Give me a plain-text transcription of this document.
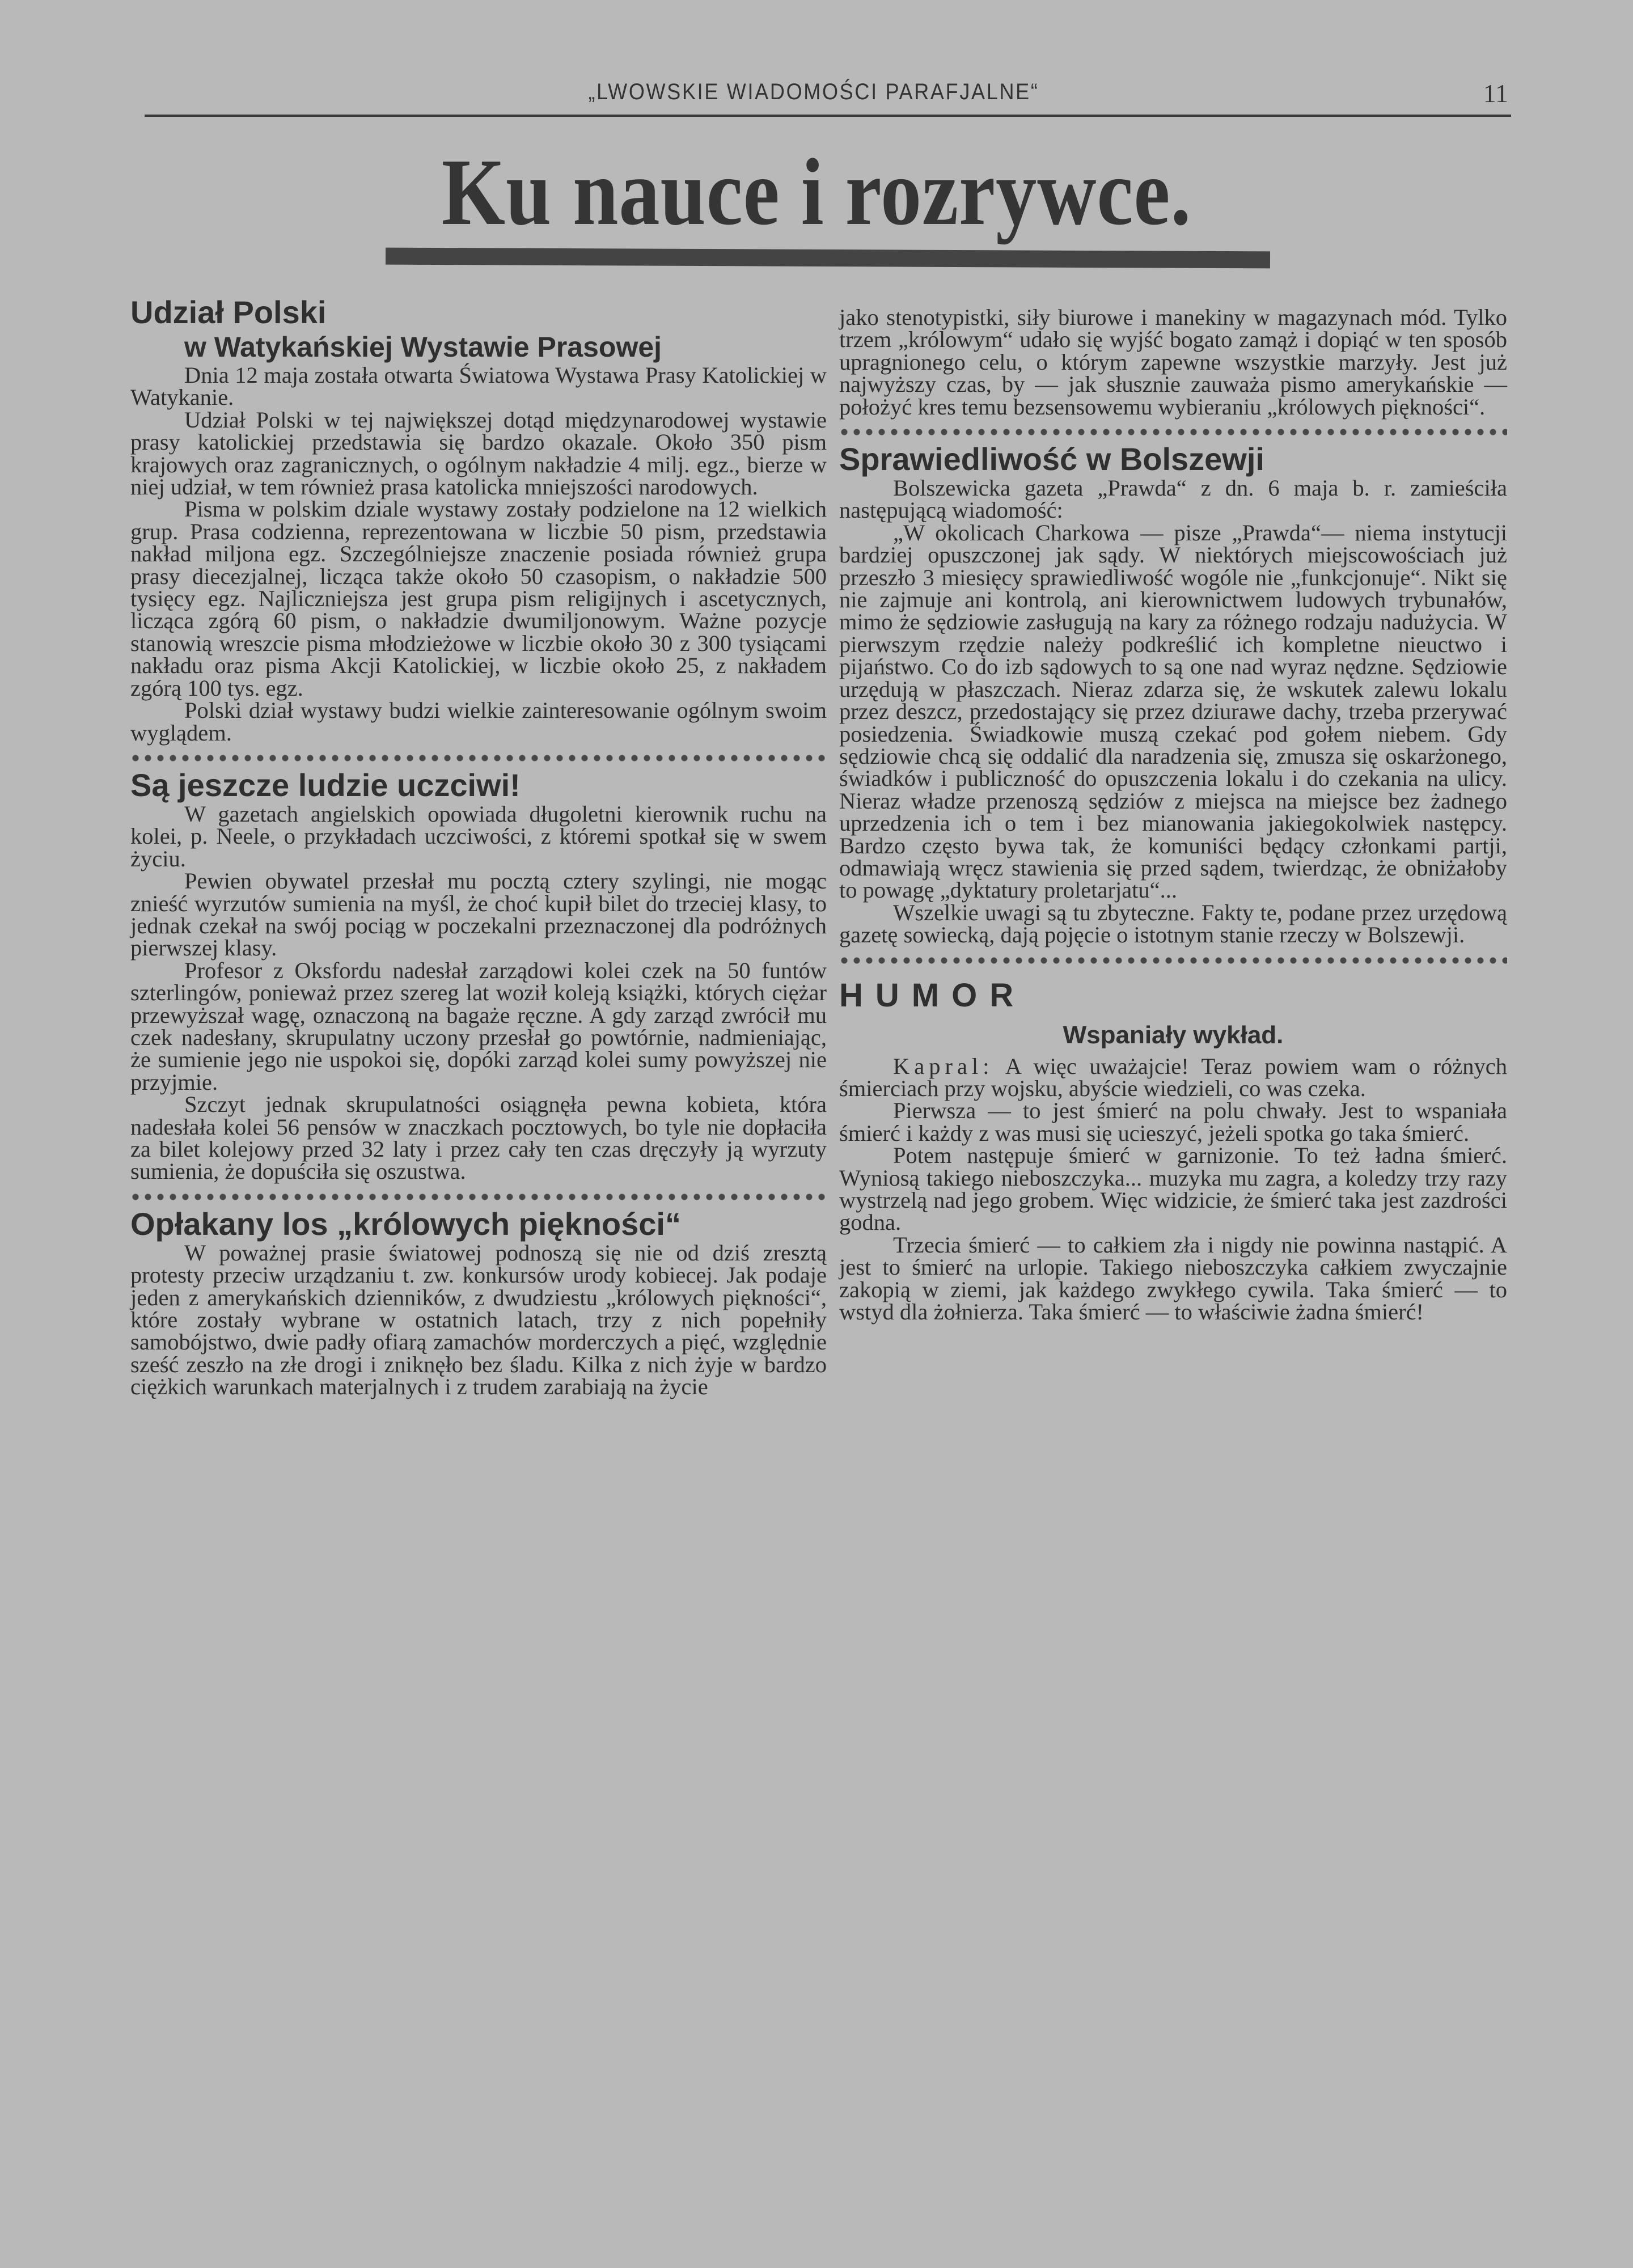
„LWOWSKIE WIADOMOŚCI PARAFJALNE“	11
Ku nauce i rozrywce.
Udział Polski
w Watykańskiej Wystawie Prasowej

Dnia 12 maja została otwarta Światowa Wystawa Prasy Katolickiej w Watykanie.

Udział Polski w tej największej dotąd międzynarodowej wystawie prasy katolickiej przedstawia się bardzo okazale. Około 350 pism krajowych oraz zagranicznych, o ogólnym nakładzie 4 milj. egz., bierze w niej udział, w tem również prasa katolicka mniejszości narodowych.

Pisma w polskim dziale wystawy zostały podzielone na 12 wielkich grup. Prasa codzienna, reprezentowana w liczbie 50 pism, przedstawia nakład miljona egz. Szczególniejsze znaczenie posiada również grupa prasy diecezjalnej, licząca także około 50 czasopism, o nakładzie 500 tysięcy egz. Najliczniejsza jest grupa pism religijnych i ascetycznych, licząca zgórą 60 pism, o nakładzie dwumiljonowym. Ważne pozycje stanowią wreszcie pisma młodzieżowe w liczbie około 30 z 300 tysiącami nakładu oraz pisma Akcji Katolickiej, w liczbie około 25, z nakładem zgórą 100 tys. egz.

Polski dział wystawy budzi wielkie zainteresowanie ogólnym swoim wyglądem.

Są jeszcze ludzie uczciwi!

W gazetach angielskich opowiada długoletni kierownik ruchu na kolei, p. Neele, o przykładach uczciwości, z któremi spotkał się w swem życiu.

Pewien obywatel przesłał mu pocztą cztery szylingi, nie mogąc znieść wyrzutów sumienia na myśl, że choć kupił bilet do trzeciej klasy, to jednak czekał na swój pociąg w poczekalni przeznaczonej dla podróżnych pierwszej klasy.

Profesor z Oksfordu nadesłał zarządowi kolei czek na 50 funtów szterlingów, ponieważ przez szereg lat woził koleją książki, których ciężar przewyższał wagę, oznaczoną na bagaże ręczne. A gdy zarząd zwrócił mu czek nadesłany, skrupulatny uczony przesłał go powtórnie, nadmieniając, że sumienie jego nie uspokoi się, dopóki zarząd kolei sumy powyższej nie przyjmie.

Szczyt jednak skrupulatności osiągnęła pewna kobieta, która nadesłała kolei 56 pensów w znaczkach pocztowych, bo tyle nie dopłaciła za bilet kolejowy przed 32 laty i przez cały ten czas dręczyły ją wyrzuty sumienia, że dopuściła się oszustwa.

Opłakany los „królowych piękności“

W poważnej prasie światowej podnoszą się nie od dziś zresztą protesty przeciw urządzaniu t. zw. konkursów urody kobiecej. Jak podaje jeden z amerykańskich dzienników, z dwudziestu „królowych piękności“, które zostały wybrane w ostatnich latach, trzy z nich popełniły samobójstwo, dwie padły ofiarą zamachów morderczych a pięć, względnie sześć zeszło na złe drogi i zniknęło bez śladu. Kilka z nich żyje w bardzo ciężkich warunkach materjalnych i z trudem zarabiają na życie

jako stenotypistki, siły biurowe i manekiny w magazynach mód. Tylko trzem „królowym“ udało się wyjść bogato zamąż i dopiąć w ten sposób upragnionego celu, o którym zapewne wszystkie marzyły. Jest już najwyższy czas, by — jak słusznie zauważa pismo amerykańskie — położyć kres temu bezsensowemu wybieraniu „królowych piękności“.

Sprawiedliwość w Bolszewji

Bolszewicka gazeta „Prawda“ z dn. 6 maja b. r. zamieściła następującą wiadomość:

„W okolicach Charkowa — pisze „Prawda“— niema instytucji bardziej opuszczonej jak sądy. W niektórych miejscowościach już przeszło 3 miesięcy sprawiedliwość wogóle nie „funkcjonuje“. Nikt się nie zajmuje ani kontrolą, ani kierownictwem ludowych trybunałów, mimo że sędziowie zasługują na kary za różnego rodzaju nadużycia. W pierwszym rzędzie należy podkreślić ich kompletne nieuctwo i pijaństwo. Co do izb sądowych to są one nad wyraz nędzne. Sędziowie urzędują w płaszczach. Nieraz zdarza się, że wskutek zalewu lokalu przez deszcz, przedostający się przez dziurawe dachy, trzeba przerywać posiedzenia. Świadkowie muszą czekać pod gołem niebem. Gdy sędziowie chcą się oddalić dla naradzenia się, zmusza się oskarżonego, świadków i publiczność do opuszczenia lokalu i do czekania na ulicy. Nieraz władze przenoszą sędziów z miejsca na miejsce bez żadnego uprzedzenia ich o tem i bez mianowania jakiegokolwiek następcy. Bardzo często bywa tak, że komuniści będący członkami partji, odmawiają wręcz stawienia się przed sądem, twierdząc, że obniżałoby to powagę „dyktatury proletarjatu“...

Wszelkie uwagi są tu zbyteczne. Fakty te, podane przez urzędową gazetę sowiecką, dają pojęcie o istotnym stanie rzeczy w Bolszewji.

HUMOR
Wspaniały wykład.

Kapral: A więc uważajcie! Teraz powiem wam o różnych śmierciach przy wojsku, abyście wiedzieli, co was czeka.

Pierwsza — to jest śmierć na polu chwały. Jest to wspaniała śmierć i każdy z was musi się ucieszyć, jeżeli spotka go taka śmierć.

Potem następuje śmierć w garnizonie. To też ładna śmierć. Wyniosą takiego nieboszczyka... muzyka mu zagra, a koledzy trzy razy wystrzelą nad jego grobem. Więc widzicie, że śmierć taka jest zazdrości godna.

Trzecia śmierć — to całkiem zła i nigdy nie powinna nastąpić. A jest to śmierć na urlopie. Takiego nieboszczyka całkiem zwyczajnie zakopią w ziemi, jak każdego zwykłego cywila. Taka śmierć — to wstyd dla żołnierza. Taka śmierć — to właściwie żadna śmierć!
